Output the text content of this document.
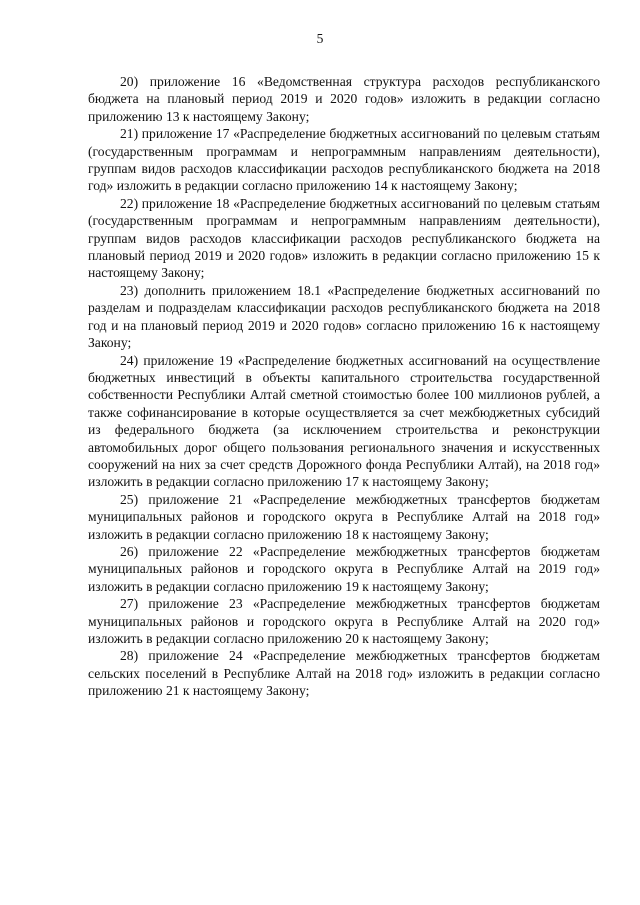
5

20) приложение 16 «Ведомственная структура расходов республиканского бюджета на плановый период 2019 и 2020 годов» изложить в редакции согласно приложению 13 к настоящему Закону;

21) приложение 17 «Распределение бюджетных ассигнований по целевым статьям (государственным программам и непрограммным направлениям деятельности), группам видов расходов классификации расходов республиканского бюджета на 2018 год» изложить в редакции согласно приложению 14 к настоящему Закону;

22) приложение 18 «Распределение бюджетных ассигнований по целевым статьям (государственным программам и непрограммным направлениям деятельности), группам видов расходов классификации расходов республиканского бюджета на плановый период 2019 и 2020 годов» изложить в редакции согласно приложению 15 к настоящему Закону;

23) дополнить приложением 18.1 «Распределение бюджетных ассигнований по разделам и подразделам классификации расходов республиканского бюджета на 2018 год и на плановый период 2019 и 2020 годов» согласно приложению 16 к настоящему Закону;

24) приложение 19 «Распределение бюджетных ассигнований на осуществление бюджетных инвестиций в объекты капитального строительства государственной собственности Республики Алтай сметной стоимостью более 100 миллионов рублей, а также софинансирование в которые осуществляется за счет межбюджетных субсидий из федерального бюджета (за исключением строительства и реконструкции автомобильных дорог общего пользования регионального значения и искусственных сооружений на них за счет средств Дорожного фонда Республики Алтай), на 2018 год» изложить в редакции согласно приложению 17 к настоящему Закону;

25) приложение 21 «Распределение межбюджетных трансфертов бюджетам муниципальных районов и городского округа в Республике Алтай на 2018 год» изложить в редакции согласно приложению 18 к настоящему Закону;

26) приложение 22 «Распределение межбюджетных трансфертов бюджетам муниципальных районов и городского округа в Республике Алтай на 2019 год» изложить в редакции согласно приложению 19 к настоящему Закону;

27) приложение 23 «Распределение межбюджетных трансфертов бюджетам муниципальных районов и городского округа в Республике Алтай на 2020 год» изложить в редакции согласно приложению 20 к настоящему Закону;

28) приложение 24 «Распределение межбюджетных трансфертов бюджетам сельских поселений в Республике Алтай на 2018 год» изложить в редакции согласно приложению 21 к настоящему Закону;
